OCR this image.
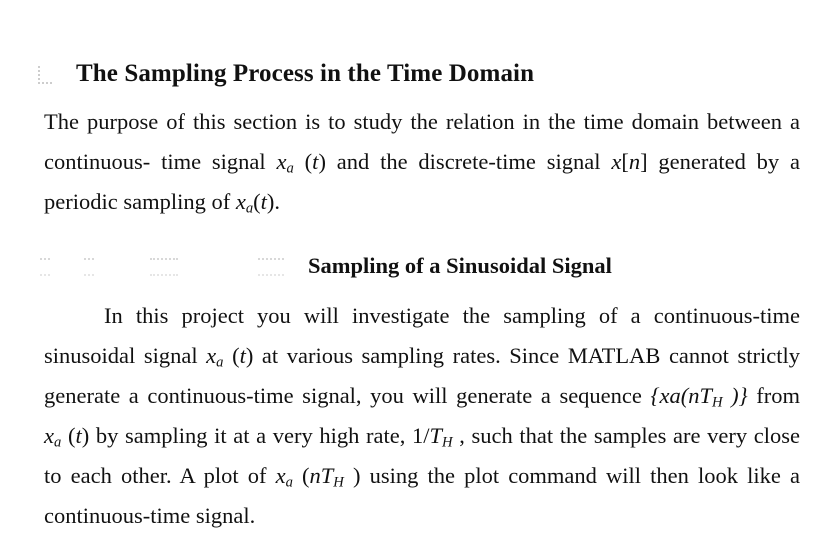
The Sampling Process in the Time Domain
The purpose of this section is to study the relation in the time domain between a
continuous- time signal $x_a$ (t) and the discrete-time signal x[n] generated by a
periodic sampling of $x_a(t)$.
Sampling of a Sinusoidal Signal
In this project you will investigate the sampling of a continuous-time
sinusoidal signal $x_a$ (t) at various sampling rates. Since MATLAB cannot strictly
generate a continuous-time signal, you will generate a sequence {$xa(nT_H$ )} from
$x_a$ (t) by sampling it at a very high rate, $1/T_H$ , such that the samples are very close
to each other. A plot of $x_a$ ($nT_H$ ) using the plot command will then look like a
continuous-time signal.
